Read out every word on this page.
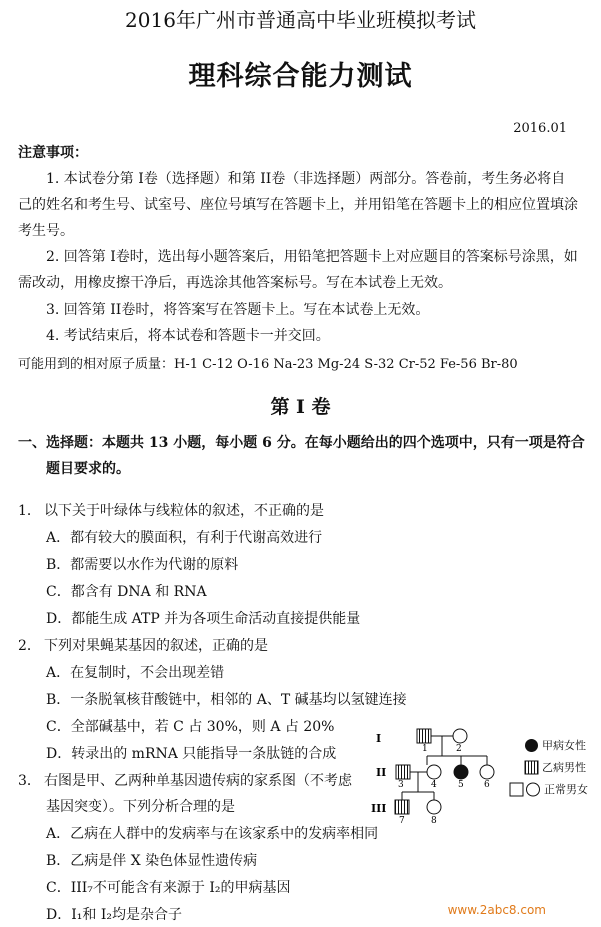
2016年广州市普通高中毕业班模拟考试
理科综合能力测试
2016.01
注意事项：
1. 本试卷分第 I卷（选择题）和第 II卷（非选择题）两部分。答卷前，考生务必将自
己的姓名和考生号、试室号、座位号填写在答题卡上，并用铅笔在答题卡上的相应位置填涂
考生号。
2. 回答第 I卷时，选出每小题答案后，用铅笔把答题卡上对应题目的答案标号涂黑，如
需改动，用橡皮擦干净后，再选涂其他答案标号。写在本试卷上无效。
3. 回答第 II卷时，将答案写在答题卡上。写在本试卷上无效。
4. 考试结束后，将本试卷和答题卡一并交回。
可能用到的相对原子质量：H-1 C-12 O-16 Na-23 Mg-24 S-32 Cr-52 Fe-56 Br-80
第 I 卷
一、选择题：本题共 13 小题，每小题 6 分。在每小题给出的四个选项中，只有一项是符合
题目要求的。
1． 以下关于叶绿体与线粒体的叙述，不正确的是
A．都有较大的膜面积，有利于代谢高效进行
B．都需要以水作为代谢的原料
C．都含有 DNA 和 RNA
D．都能生成 ATP 并为各项生命活动直接提供能量
2． 下列对果蝇某基因的叙述，正确的是
A．在复制时，不会出现差错
B．一条脱氧核苷酸链中，相邻的 A、T 碱基均以氢键连接
C．全部碱基中，若 C 占 30%，则 A 占 20%
D．转录出的 mRNA 只能指导一条肽链的合成
3． 右图是甲、乙两种单基因遗传病的家系图（不考虑
基因突变）。下列分析合理的是
A．乙病在人群中的发病率与在该家系中的发病率相同
B．乙病是伴 X 染色体显性遗传病
C．III₇不可能含有来源于 I₂的甲病基因
D．I₁和 I₂均是杂合子
I
II
III
1	2
3	4 5 6
7	8
甲病女性
乙病男性
正常男女
www.2abc8.com
